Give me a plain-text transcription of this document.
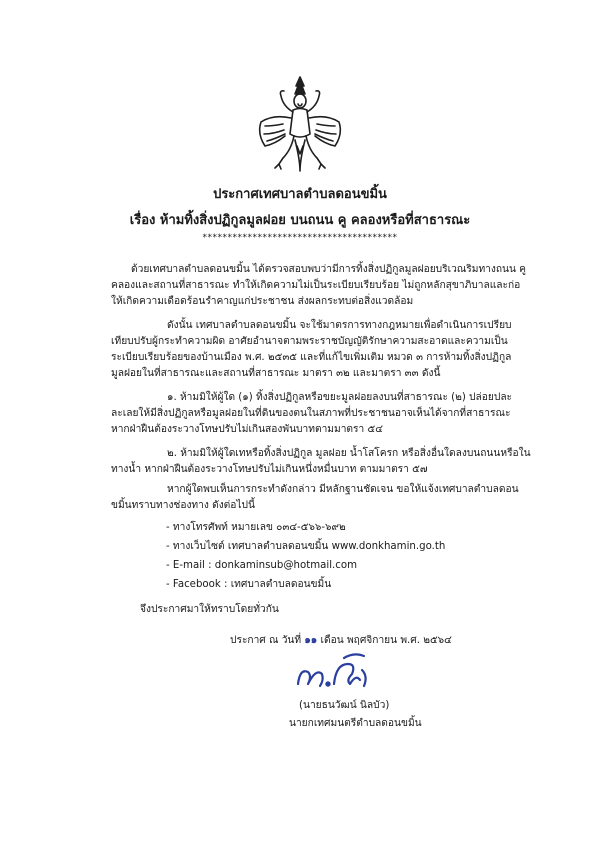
ประกาศเทศบาลตำบลดอนขมิ้น
เรื่อง ห้ามทิ้งสิ่งปฏิกูลมูลฝอย บนถนน คู คลองหรือที่สาธารณะ
***************************************

ด้วยเทศบาลตำบลดอนขมิ้น ได้ตรวจสอบพบว่ามีการทิ้งสิ่งปฏิกูลมูลฝอยบริเวณริมทางถนน คู คลองและสถานที่สาธารณะ ทำให้เกิดความไม่เป็นระเบียบเรียบร้อย ไม่ถูกหลักสุขาภิบาลและก่อให้เกิดความเดือดร้อนรำคาญแก่ประชาชน ส่งผลกระทบต่อสิ่งแวดล้อม

ดังนั้น เทศบาลตำบลดอนขมิ้น จะใช้มาตรการทางกฎหมายเพื่อดำเนินการเปรียบเทียบปรับผู้กระทำความผิด อาศัยอำนาจตามพระราชบัญญัติรักษาความสะอาดและความเป็นระเบียบเรียบร้อยของบ้านเมือง พ.ศ. ๒๕๓๕ และที่แก้ไขเพิ่มเติม หมวด ๓ การห้ามทิ้งสิ่งปฏิกูลมูลฝอยในที่สาธารณะและสถานที่สาธารณะ มาตรา ๓๒ และมาตรา ๓๓ ดังนี้

๑. ห้ามมิให้ผู้ใด (๑) ทิ้งสิ่งปฏิกูลหรือขยะมูลฝอยลงบนที่สาธารณะ (๒) ปล่อยปละละเลยให้มีสิ่งปฏิกูลหรือมูลฝอยในที่ดินของตนในสภาพที่ประชาชนอาจเห็นได้จากที่สาธารณะ หากฝ่าฝืนต้องระวางโทษปรับไม่เกินสองพันบาทตามมาตรา ๕๔

๒. ห้ามมิให้ผู้ใดเทหรือทิ้งสิ่งปฏิกูล มูลฝอย น้ำโสโครก หรือสิ่งอื่นใดลงบนถนนหรือในทางน้ำ หากฝ่าฝืนต้องระวางโทษปรับไม่เกินหนึ่งหมื่นบาท ตามมาตรา ๕๗

หากผู้ใดพบเห็นการกระทำดังกล่าว มีหลักฐานชัดเจน ขอให้แจ้งเทศบาลตำบลดอนขมิ้นทราบทางช่องทาง ดังต่อไปนี้

- ทางโทรศัพท์ หมายเลข ๐๓๔-๕๖๖-๖๙๒
- ทางเว็บไซต์ เทศบาลตำบลดอนขมิ้น www.donkhamin.go.th
- E-mail : donkaminsub@hotmail.com
- Facebook : เทศบาลตำบลดอนขมิ้น
จึงประกาศมาให้ทราบโดยทั่วกัน
ประกาศ ณ วันที่ ๑๑ เดือน พฤศจิกายน พ.ศ. ๒๕๖๔
(นายธนวัฒน์ นิลบัว)
นายกเทศมนตรีตำบลดอนขมิ้น
